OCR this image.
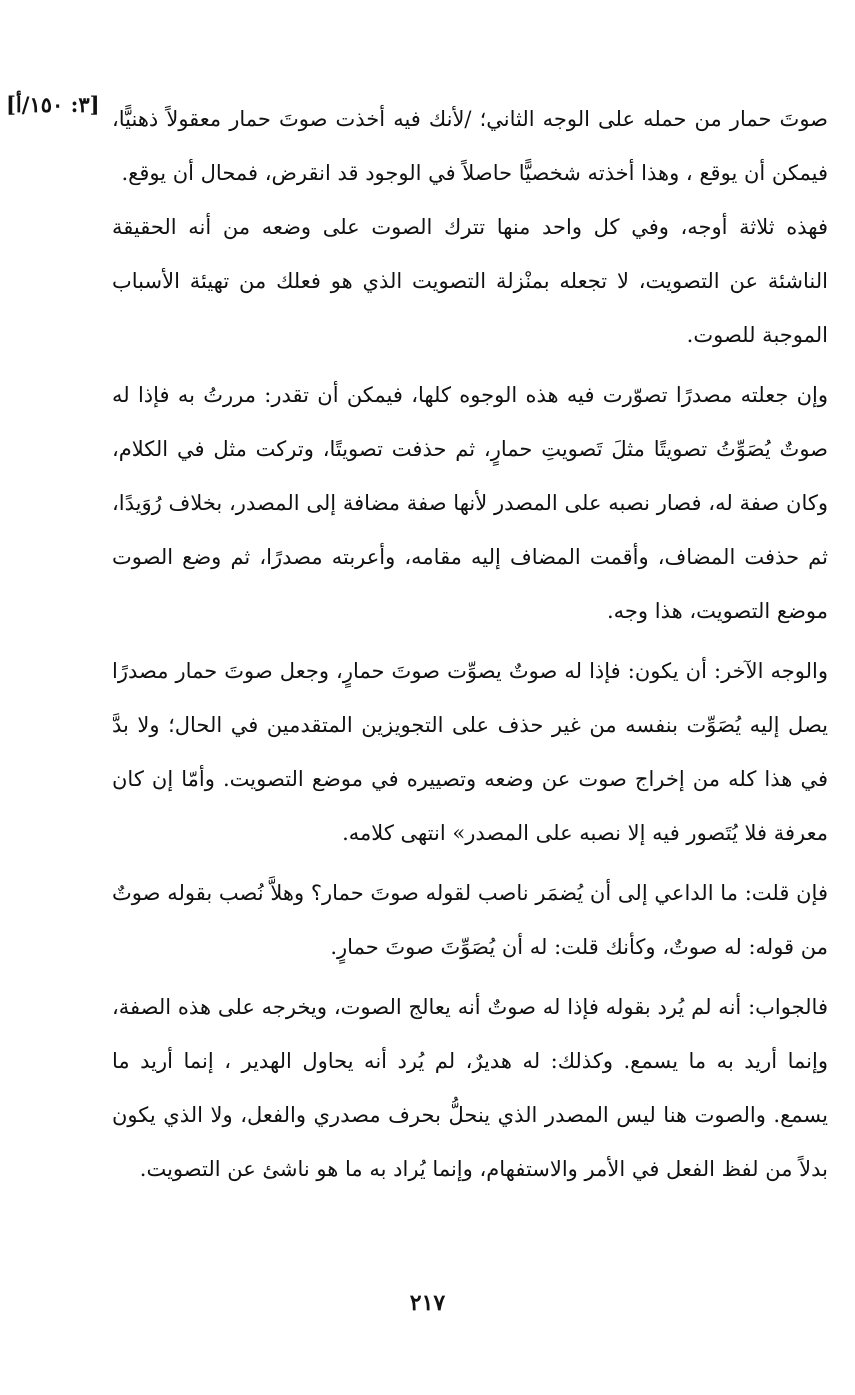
[٣: ١٥٠/أ]

صوتَ حمار من حمله على الوجه الثاني؛ /لأنك فيه أخذت صوتَ حمار معقولاً ذهنيًّا، فيمكن أن يوقع ، وهذا أخذته شخصيًّا حاصلاً في الوجود قد انقرض، فمحال أن يوقع.

فهذه ثلاثة أوجه، وفي كل واحد منها تترك الصوت على وضعه من أنه الحقيقة الناشئة عن التصويت، لا تجعله بمنْزلة التصويت الذي هو فعلك من تهيئة الأسباب الموجبة للصوت.

وإن جعلته مصدرًا تصوّرت فيه هذه الوجوه كلها، فيمكن أن تقدر: مررتُ به فإذا له صوتٌ يُصَوِّتُ تصويتًا مثلَ تَصويتِ حمارٍ، ثم حذفت تصويتًا، وتركت مثل في الكلام، وكان صفة له، فصار نصبه على المصدر لأنها صفة مضافة إلى المصدر، بخلاف رُوَيدًا، ثم حذفت المضاف، وأقمت المضاف إليه مقامه، وأعربته مصدرًا، ثم وضع الصوت موضع التصويت، هذا وجه.

والوجه الآخر: أن يكون: فإذا له صوتٌ يصوِّت صوتَ حمارٍ، وجعل صوتَ حمار مصدرًا يصل إليه يُصَوِّت بنفسه من غير حذف على التجويزين المتقدمين في الحال؛ ولا بدَّ في هذا كله من إخراج صوت عن وضعه وتصييره في موضع التصويت. وأمّا إن كان معرفة فلا يُتَصور فيه إلا نصبه على المصدر» انتهى كلامه.

فإن قلت: ما الداعي إلى أن يُضمَر ناصب لقوله صوتَ حمار؟ وهلاَّ نُصب بقوله صوتٌ من قوله: له صوتٌ، وكأنك قلت: له أن يُصَوِّتَ صوتَ حمارٍ.

فالجواب: أنه لم يُرد بقوله فإذا له صوتٌ أنه يعالج الصوت، ويخرجه على هذه الصفة، وإنما أريد به ما يسمع. وكذلك: له هديرٌ، لم يُرد أنه يحاول الهدير ، إنما أريد ما يسمع. والصوت هنا ليس المصدر الذي ينحلُّ بحرف مصدري والفعل، ولا الذي يكون بدلاً من لفظ الفعل في الأمر والاستفهام، وإنما يُراد به ما هو ناشئ عن التصويت.

٢١٧
